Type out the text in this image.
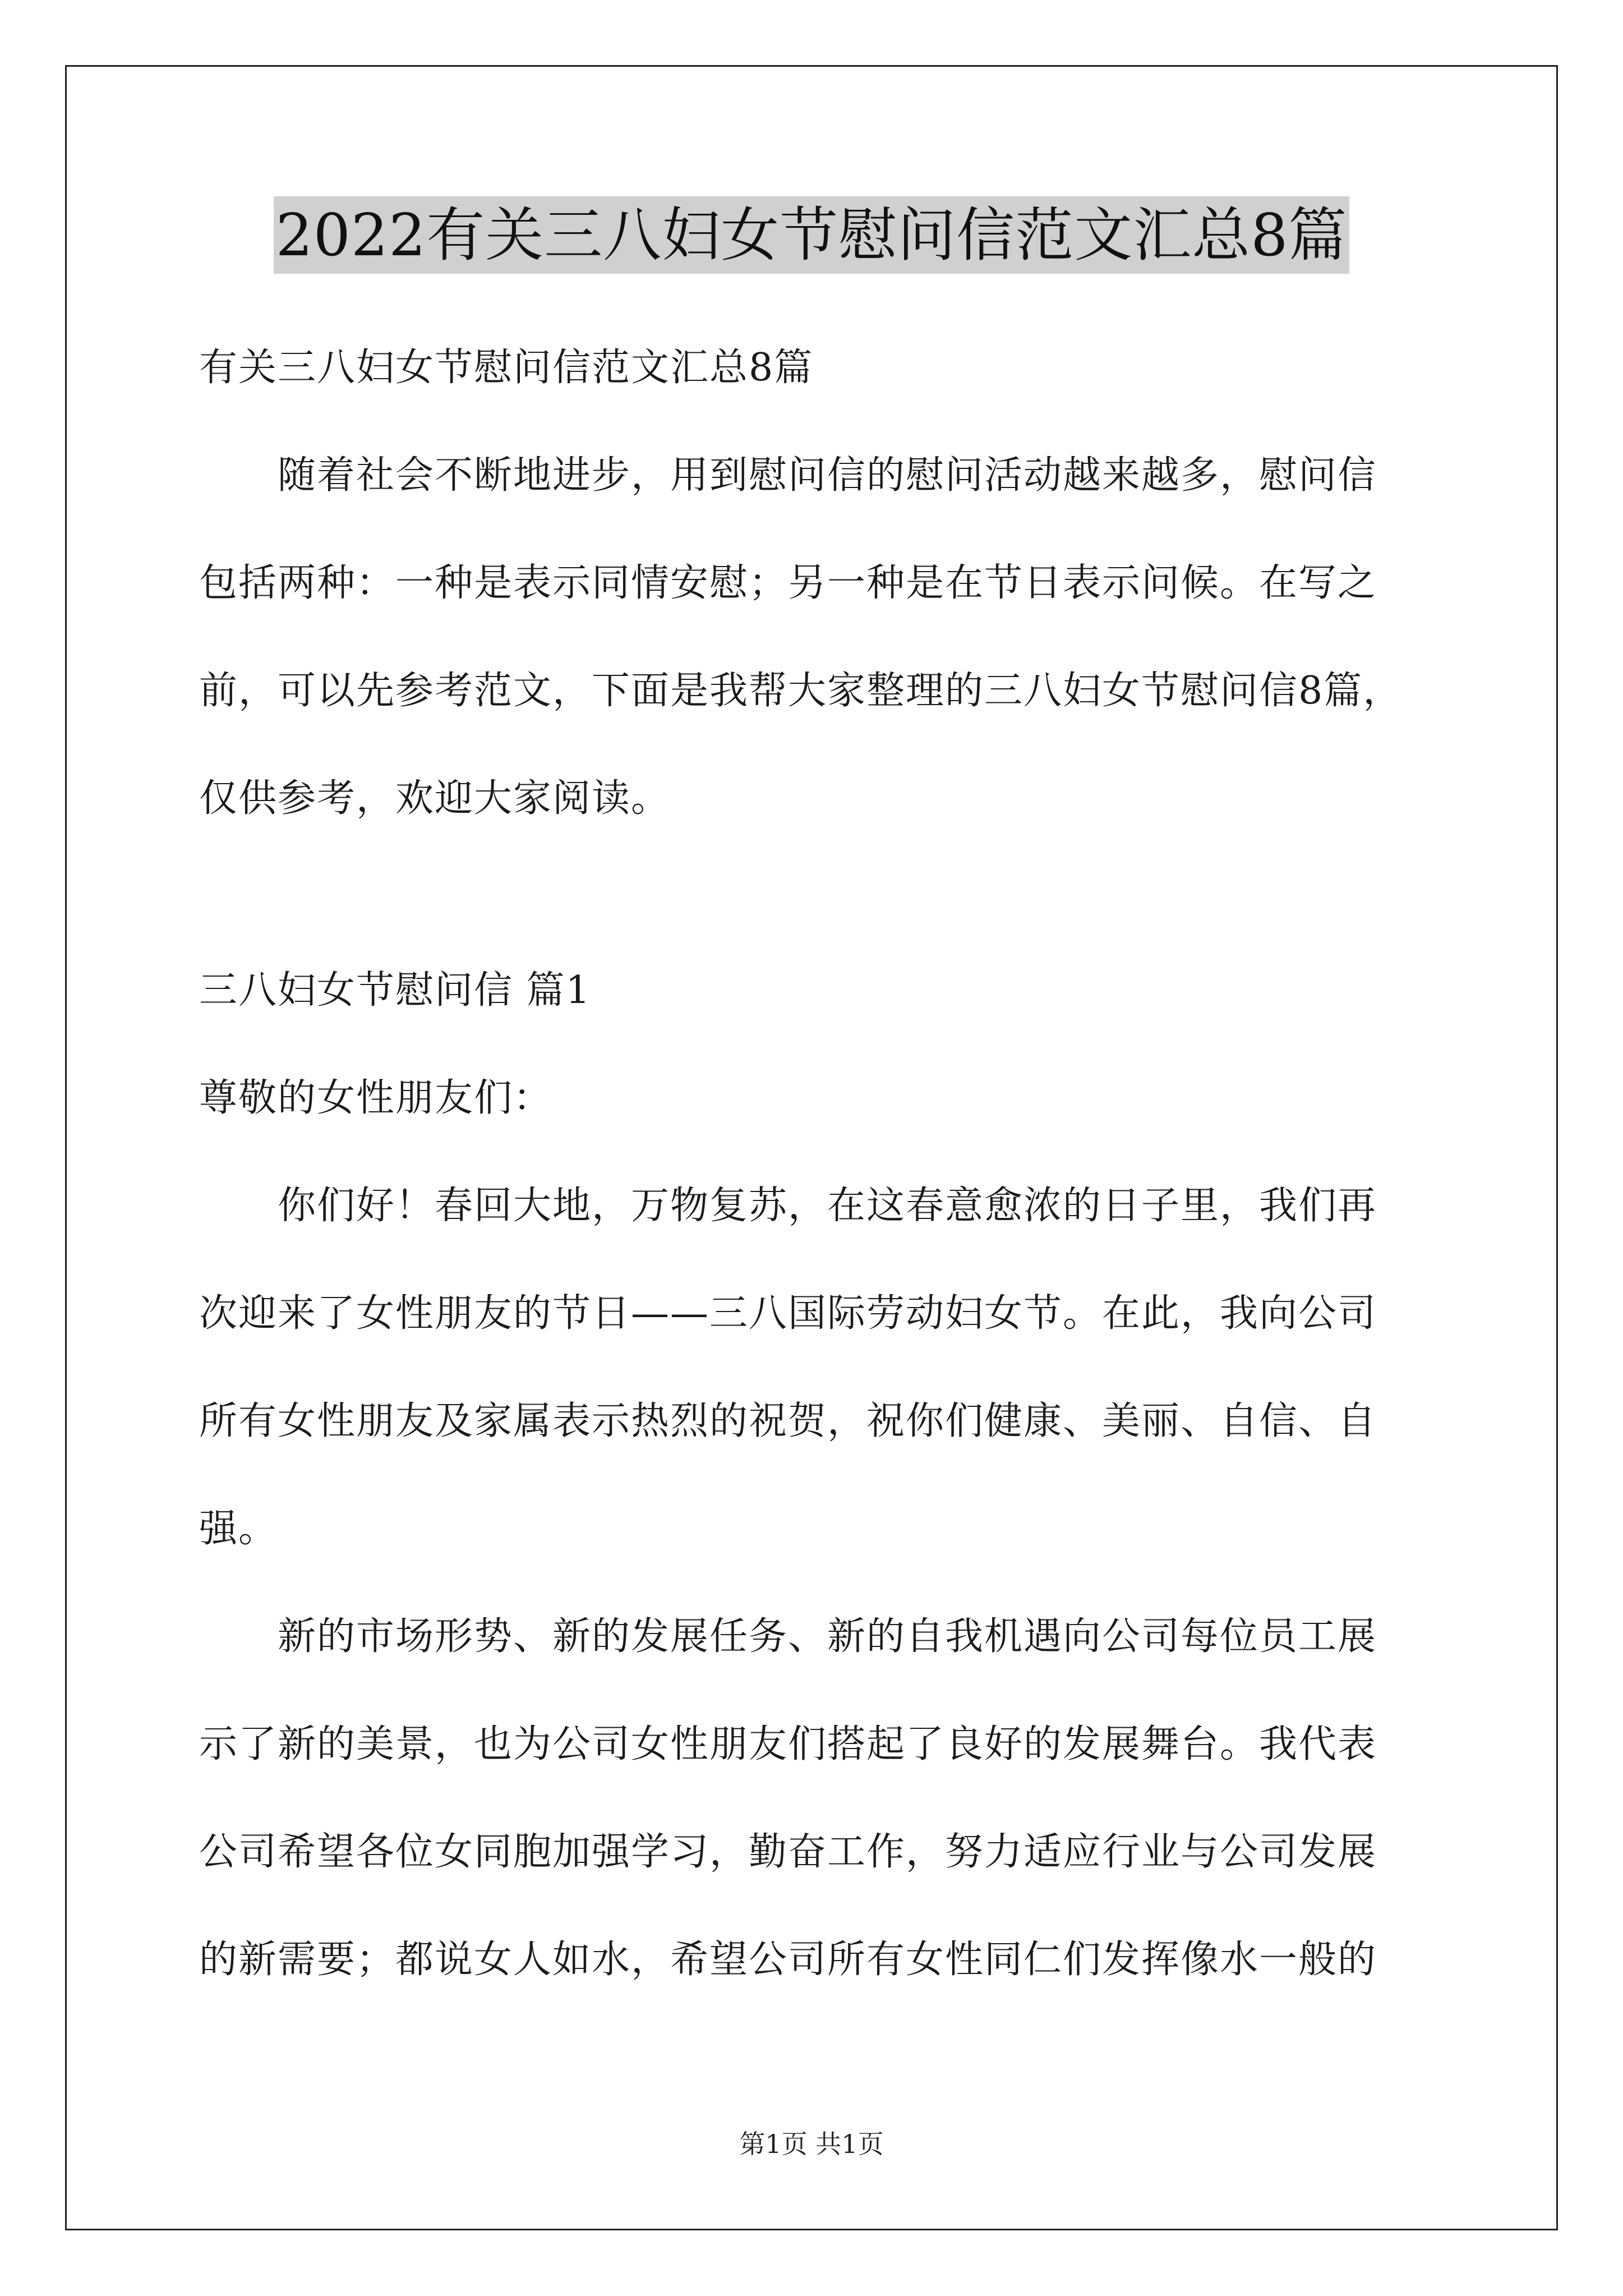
2022有关三八妇女节慰问信范文汇总8篇
有关三八妇女节慰问信范文汇总8篇
随着社会不断地进步，用到慰问信的慰问活动越来越多，慰问信
包括两种：一种是表示同情安慰；另一种是在节日表示问候。在写之
前，可以先参考范文，下面是我帮大家整理的三八妇女节慰问信8篇，
仅供参考，欢迎大家阅读。
三八妇女节慰问信 篇1
尊敬的女性朋友们：
你们好！春回大地，万物复苏，在这春意愈浓的日子里，我们再
次迎来了女性朋友的节日——三八国际劳动妇女节。在此，我向公司
所有女性朋友及家属表示热烈的祝贺，祝你们健康、美丽、自信、自
强。
新的市场形势、新的发展任务、新的自我机遇向公司每位员工展
示了新的美景，也为公司女性朋友们搭起了良好的发展舞台。我代表
公司希望各位女同胞加强学习，勤奋工作，努力适应行业与公司发展
的新需要；都说女人如水，希望公司所有女性同仁们发挥像水一般的
第1页 共1页
